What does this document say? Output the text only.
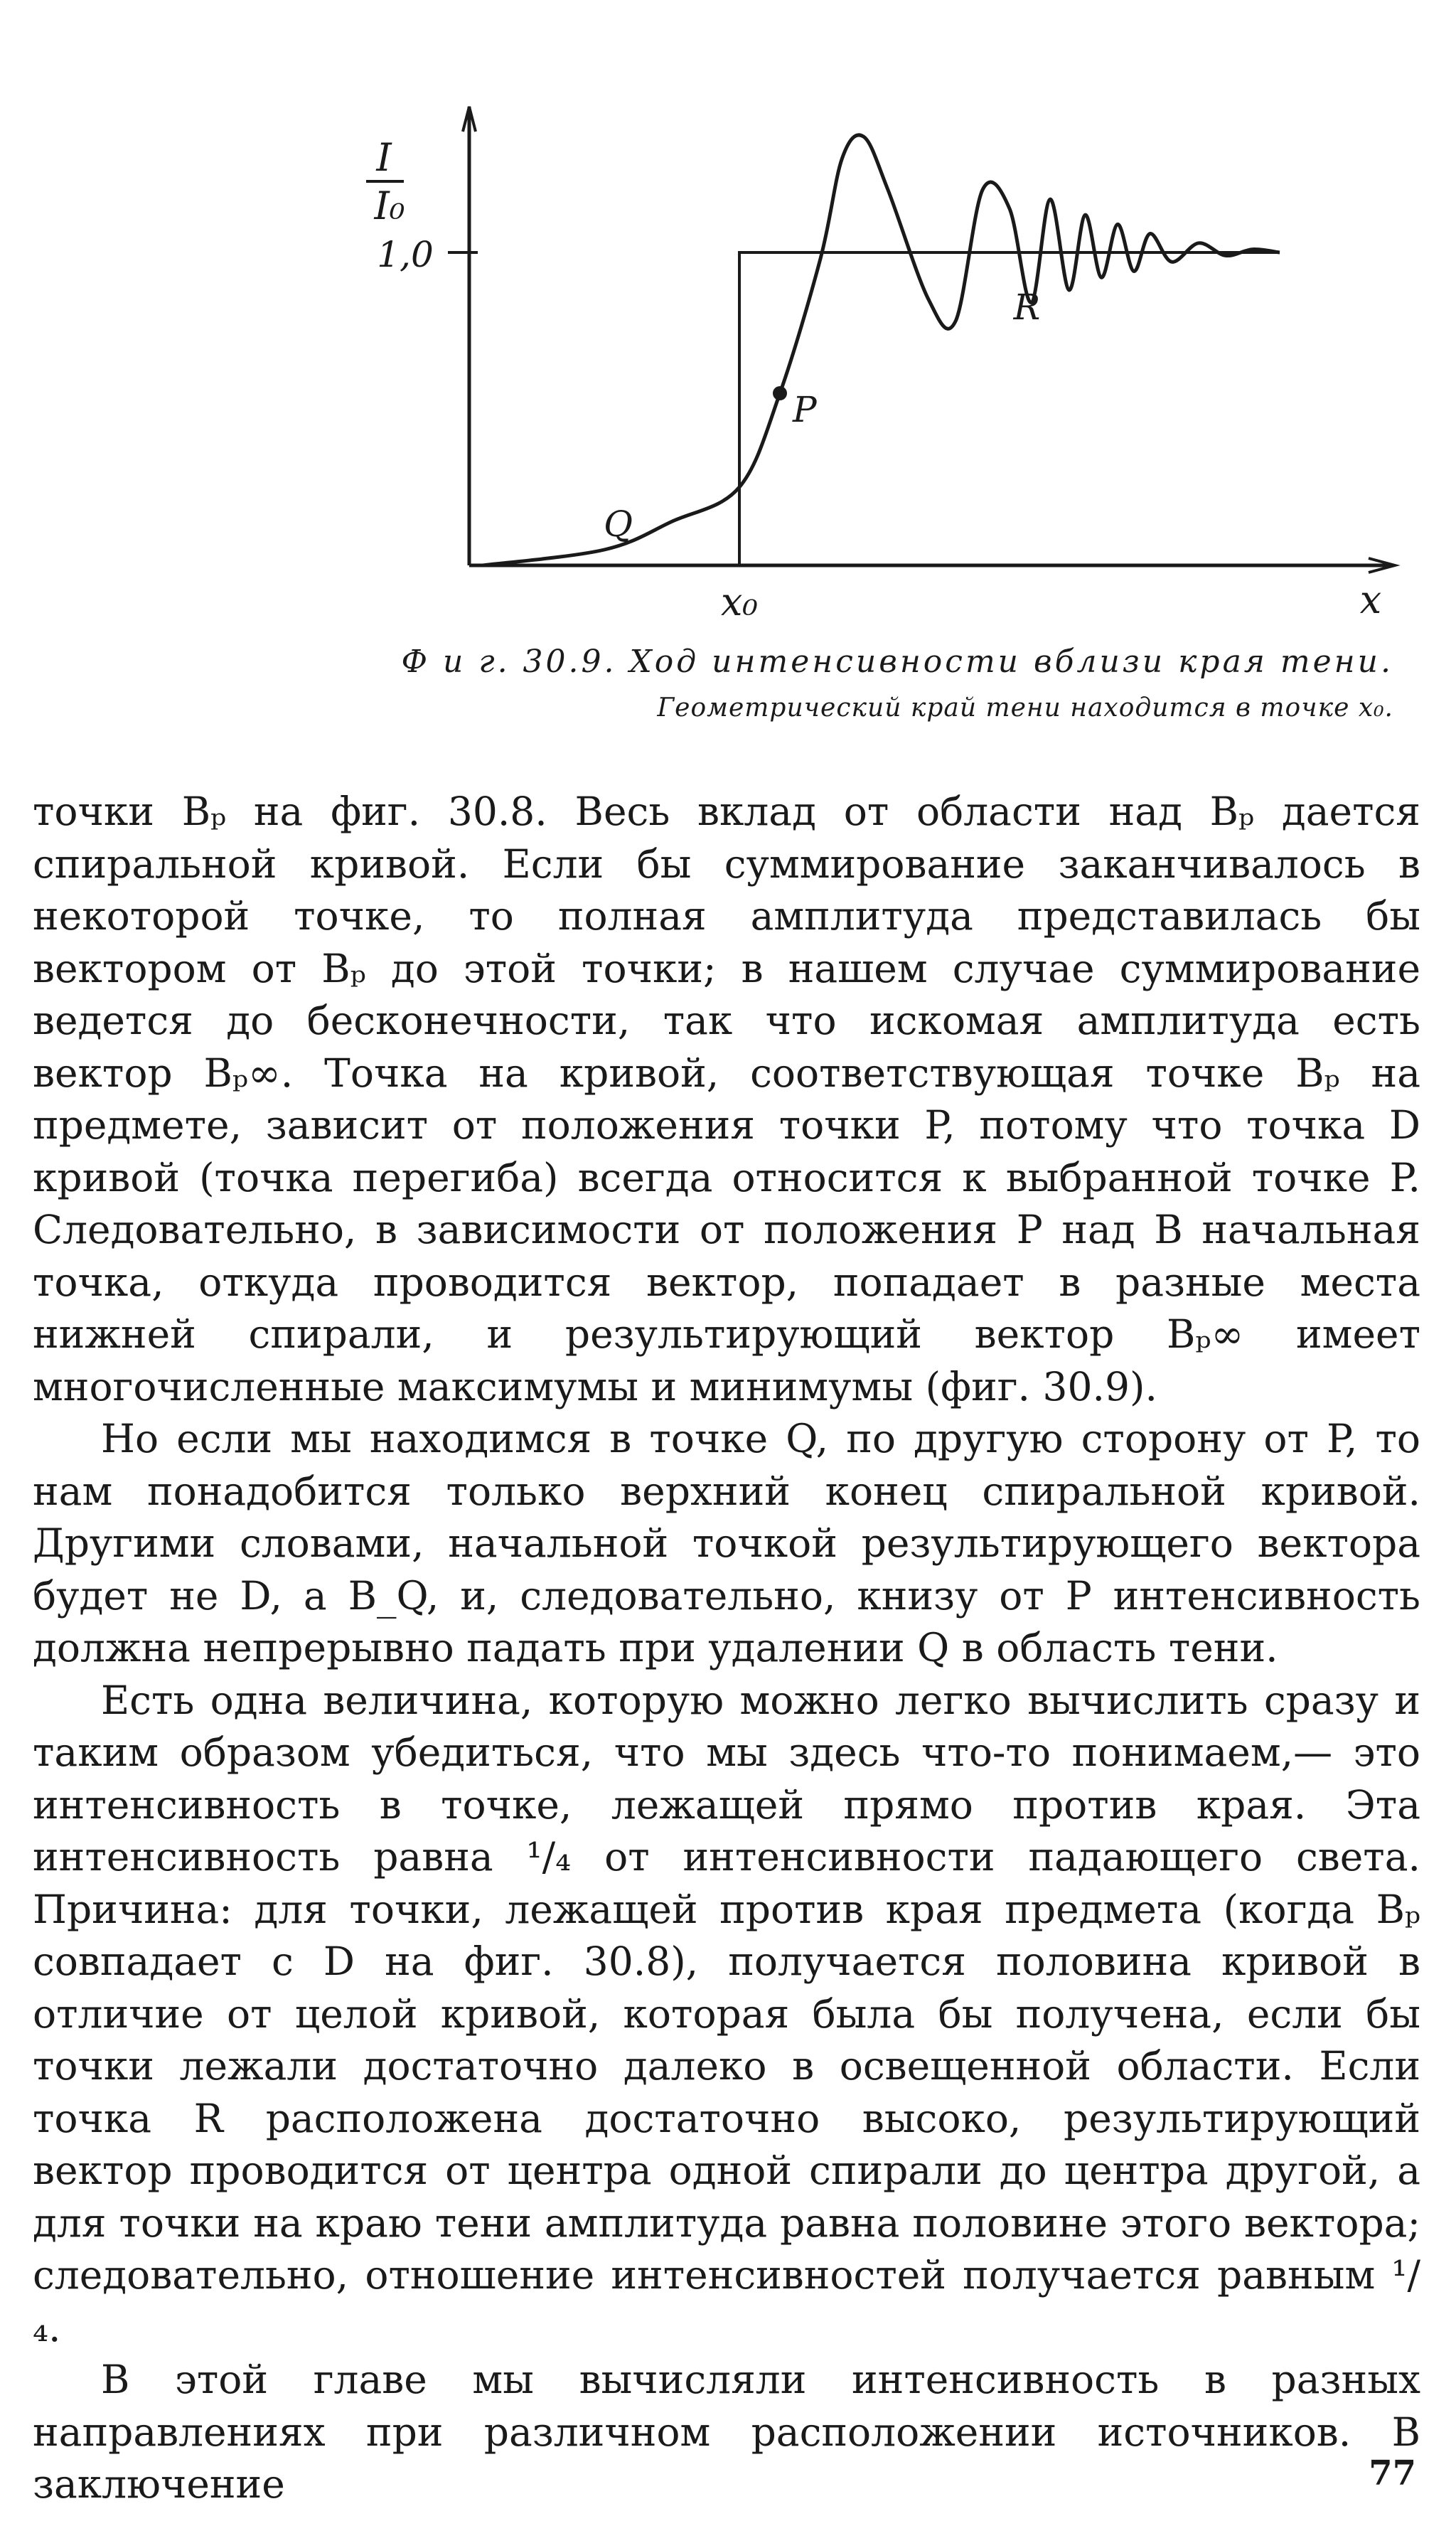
Q
P
R
I
I₀
1,0
x₀	x
Ф и г. 30.9. Ход интенсивности вблизи края тени.
Геометрический край тени находится в точке x₀.

точки Bₚ на фиг. 30.8. Весь вклад от области над Bₚ дается спиральной кривой. Если бы суммирование заканчивалось в некоторой точке, то полная амплитуда представилась бы вектором от Bₚ до этой точки; в нашем случае суммирование ведется до бесконечности, так что искомая амплитуда есть вектор Bₚ∞. Точка на кривой, соответствующая точке Bₚ на предмете, зависит от положения точки P, потому что точка D кривой (точка перегиба) всегда относится к выбранной точке P. Следовательно, в зависимости от положения P над B начальная точка, откуда проводится вектор, попадает в разные места нижней спирали, и результирующий вектор Bₚ∞ имеет многочисленные максимумы и минимумы (фиг. 30.9).

Но если мы находимся в точке Q, по другую сторону от P, то нам понадобится только верхний конец спиральной кривой. Другими словами, начальной точкой результирующего вектора будет не D, а B_Q, и, следовательно, книзу от P интенсивность должна непрерывно падать при удалении Q в область тени.

Есть одна величина, которую можно легко вычислить сразу и таким образом убедиться, что мы здесь что-то понимаем,— это интенсивность в точке, лежащей прямо против края. Эта интенсивность равна ¹/₄ от интенсивности падающего света. Причина: для точки, лежащей против края предмета (когда Bₚ совпадает с D на фиг. 30.8), получается половина кривой в отличие от целой кривой, которая была бы получена, если бы точки лежали достаточно далеко в освещенной области. Если точка R расположена достаточно высоко, результирующий вектор проводится от центра одной спирали до центра другой, а для точки на краю тени амплитуда равна половине этого вектора; следовательно, отношение интенсивностей получается равным ¹/₄.

В этой главе мы вычисляли интенсивность в разных направлениях при различном расположении источников. В заключение	77
